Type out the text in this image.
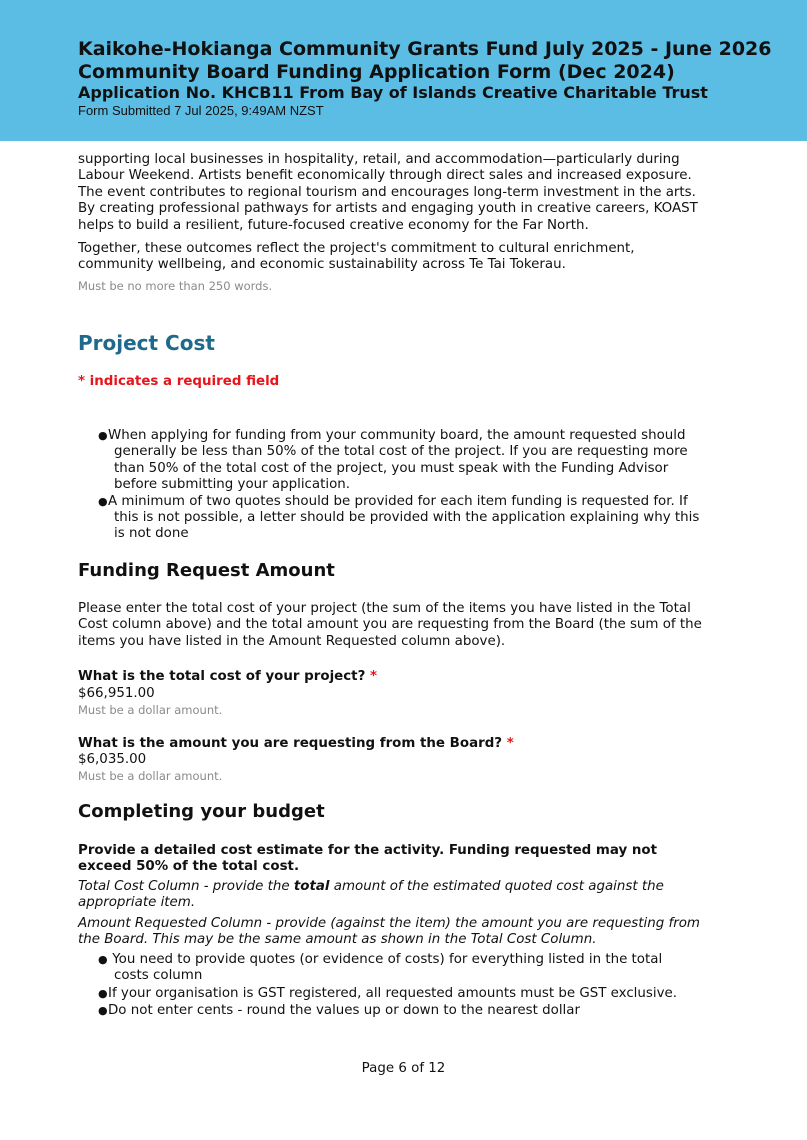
Kaikohe-Hokianga Community Grants Fund July 2025 - June 2026
Community Board Funding Application Form (Dec 2024)
Application No. KHCB11 From Bay of Islands Creative Charitable Trust
Form Submitted 7 Jul 2025, 9:49AM NZST
supporting local businesses in hospitality, retail, and accommodation—particularly during
Labour Weekend. Artists benefit economically through direct sales and increased exposure.
The event contributes to regional tourism and encourages long-term investment in the arts.
By creating professional pathways for artists and engaging youth in creative careers, KOAST
helps to build a resilient, future-focused creative economy for the Far North.
Together, these outcomes reflect the project's commitment to cultural enrichment,
community wellbeing, and economic sustainability across Te Tai Tokerau.
Must be no more than 250 words.
Project Cost
* indicates a required field
● When applying for funding from your community board, the amount requested should
generally be less than 50% of the total cost of the project. If you are requesting more
than 50% of the total cost of the project, you must speak with the Funding Advisor
before submitting your application.
● A minimum of two quotes should be provided for each item funding is requested for. If
this is not possible, a letter should be provided with the application explaining why this
is not done
Funding Request Amount
Please enter the total cost of your project (the sum of the items you have listed in the Total
Cost column above) and the total amount you are requesting from the Board (the sum of the
items you have listed in the Amount Requested column above).
What is the total cost of your project? *
$66,951.00
Must be a dollar amount.
What is the amount you are requesting from the Board? *
$6,035.00
Must be a dollar amount.
Completing your budget
Provide a detailed cost estimate for the activity. Funding requested may not
exceed 50% of the total cost.
Total Cost Column - provide the total amount of the estimated quoted cost against the
appropriate item.
Amount Requested Column - provide (against the item) the amount you are requesting from
the Board. This may be the same amount as shown in the Total Cost Column.
● You need to provide quotes (or evidence of costs) for everything listed in the total
costs column
● If your organisation is GST registered, all requested amounts must be GST exclusive.
● Do not enter cents - round the values up or down to the nearest dollar
Page 6 of 12
